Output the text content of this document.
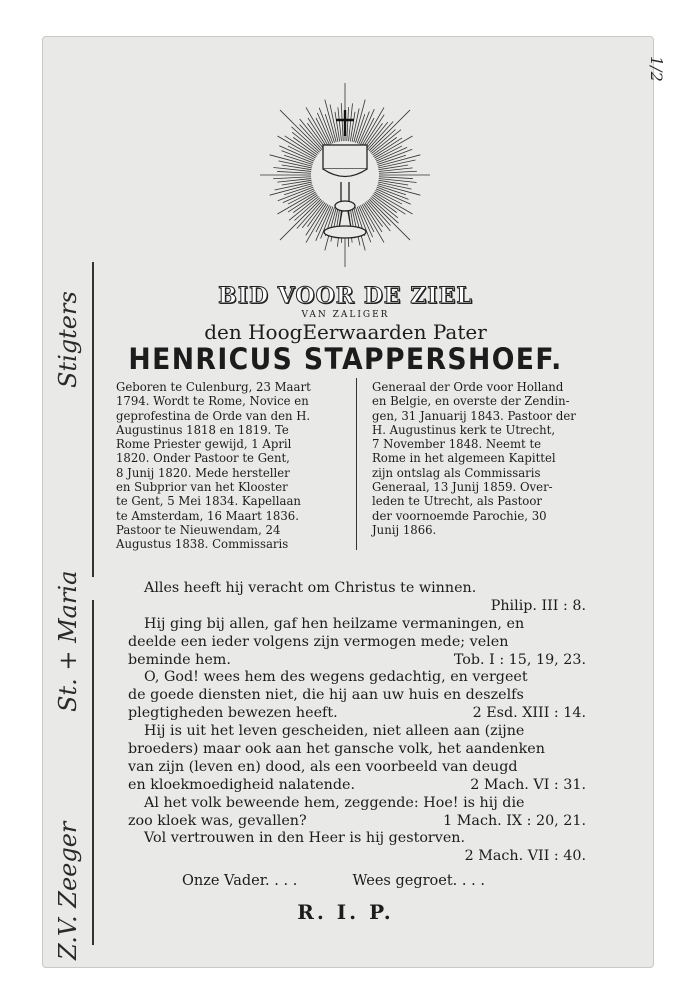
1/2
Z.V. Zeeger
St. + Maria
Stigters	BID VOOR DE ZIEL
VAN ZALIGER
den HoogEerwaarden Pater
HENRICUS STAPPERSHOEF.
Geboren te Culenburg, 23 Maart
1794. Wordt te Rome, Novice en
geprofestina de Orde van den H.
Augustinus 1818 en 1819. Te
Rome Priester gewijd, 1 April
1820. Onder Pastoor te Gent,
8 Junij 1820. Mede hersteller
en Subprior van het Klooster
te Gent, 5 Mei 1834. Kapellaan
te Amsterdam, 16 Maart 1836.
Pastoor te Nieuwendam, 24
Augustus 1838. Commissaris
Generaal der Orde voor Holland
en Belgie, en overste der Zendin-
gen, 31 Januarij 1843. Pastoor der
H. Augustinus kerk te Utrecht,
7 November 1848. Neemt te
Rome in het algemeen Kapittel
zijn ontslag als Commissaris
Generaal, 13 Junij 1859. Over-
leden te Utrecht, als Pastoor
der voornoemde Parochie, 30
Junij 1866.
Alles heeft hij veracht om Christus te winnen.
Philip. III : 8.
Hij ging bij allen, gaf hen heilzame vermaningen, en
deelde een ieder volgens zijn vermogen mede; velen
beminde hem.	Tob. I : 15, 19, 23.
O, God! wees hem des wegens gedachtig, en vergeet
de goede diensten niet, die hij aan uw huis en deszelfs
plegtigheden bewezen heeft.	2 Esd. XIII : 14.
Hij is uit het leven gescheiden, niet alleen aan (zijne
broeders) maar ook aan het gansche volk, het aandenken
van zijn (leven en) dood, als een voorbeeld van deugd
en kloekmoedigheid nalatende.	2 Mach. VI : 31.
Al het volk beweende hem, zeggende: Hoe! is hij die
zoo kloek was, gevallen?	1 Mach. IX : 20, 21.
Vol vertrouwen in den Heer is hij gestorven.
2 Mach. VII : 40.
Onze Vader. . . .	Wees gegroet. . . .
R. I. P.
